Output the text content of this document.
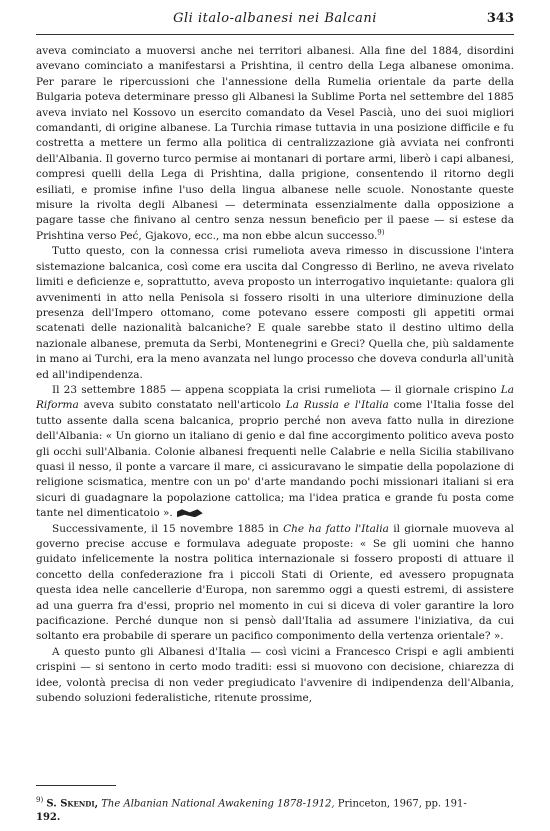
Gli italo-albanesi nei Balcani	343

aveva cominciato a muoversi anche nei territori albanesi. Alla fine del 1884, disordini avevano cominciato a manifestarsi a Prishtina, il centro della Lega albanese omonima. Per parare le ripercussioni che l'annessione della Rumelia orientale da parte della Bulgaria poteva determinare presso gli Albanesi la Sublime Porta nel settembre del 1885 aveva inviato nel Kossovo un esercito comandato da Vesel Pascià, uno dei suoi migliori comandanti, di origine albanese. La Turchia rimase tuttavia in una posizione difficile e fu costretta a mettere un fermo alla politica di centralizzazione già avviata nei confronti dell'Albania. Il governo turco permise ai montanari di portare armi, liberò i capi albanesi, compresi quelli della Lega di Prishtina, dalla prigione, consentendo il ritorno degli esiliati, e promise infine l'uso della lingua albanese nelle scuole. Nonostante queste misure la rivolta degli Albanesi — determinata essenzialmente dalla opposizione a pagare tasse che finivano al centro senza nessun beneficio per il paese — si estese da Prishtina verso Peć, Gjakovo, ecc., ma non ebbe alcun successo.$^{9)}$

Tutto questo, con la connessa crisi rumeliota aveva rimesso in discussione l'intera sistemazione balcanica, così come era uscita dal Congresso di Berlino, ne aveva rivelato limiti e deficienze e, soprattutto, aveva proposto un interrogativo inquietante: qualora gli avvenimenti in atto nella Penisola si fossero risolti in una ulteriore diminuzione della presenza dell'Impero ottomano, come potevano essere composti gli appetiti ormai scatenati delle nazionalità balcaniche? E quale sarebbe stato il destino ultimo della nazionale albanese, premuta da Serbi, Montenegrini e Greci? Quella che, più saldamente in mano ai Turchi, era la meno avanzata nel lungo processo che doveva condurla all'unità ed all'indipendenza.

Il 23 settembre 1885 — appena scoppiata la crisi rumeliota — il giornale crispino La Riforma aveva subito constatato nell'articolo La Russia e l'Italia come l'Italia fosse del tutto assente dalla scena balcanica, proprio perché non aveva fatto nulla in direzione dell'Albania: « Un giorno un italiano di genio e dal fine accorgimento politico aveva posto gli occhi sull'Albania. Colonie albanesi frequenti nelle Calabrie e nella Sicilia stabilivano quasi il nesso, il ponte a varcare il mare, ci assicuravano le simpatie della popolazione di religione scismatica, mentre con un po' d'arte mandando pochi missionari italiani si era sicuri di guadagnare la popolazione cattolica; ma l'idea pratica e grande fu posta come tante nel dimenticatoio ».

Successivamente, il 15 novembre 1885 in Che ha fatto l'Italia il giornale muoveva al governo precise accuse e formulava adeguate proposte: « Se gli uomini che hanno guidato infelicemente la nostra politica internazionale si fossero proposti di attuare il concetto della confederazione fra i piccoli Stati di Oriente, ed avessero propugnata questa idea nelle cancellerie d'Europa, non saremmo oggi a questi estremi, di assistere ad una guerra fra d'essi, proprio nel momento in cui si diceva di voler garantire la loro pacificazione. Perché dunque non si pensò dall'Italia ad assumere l'iniziativa, da cui soltanto era probabile di sperare un pacifico componimento della vertenza orientale? ».

A questo punto gli Albanesi d'Italia — così vicini a Francesco Crispi e agli ambienti crispini — si sentono in certo modo traditi: essi si muovono con decisione, chiarezza di idee, volontà precisa di non veder pregiudicato l'avvenire di indipendenza dell'Albania, subendo soluzioni federalistiche, ritenute prossime,

$^{9)}$ S. Skendi, The Albanian National Awakening 1878-1912, Princeton, 1967, pp. 191-
192.
